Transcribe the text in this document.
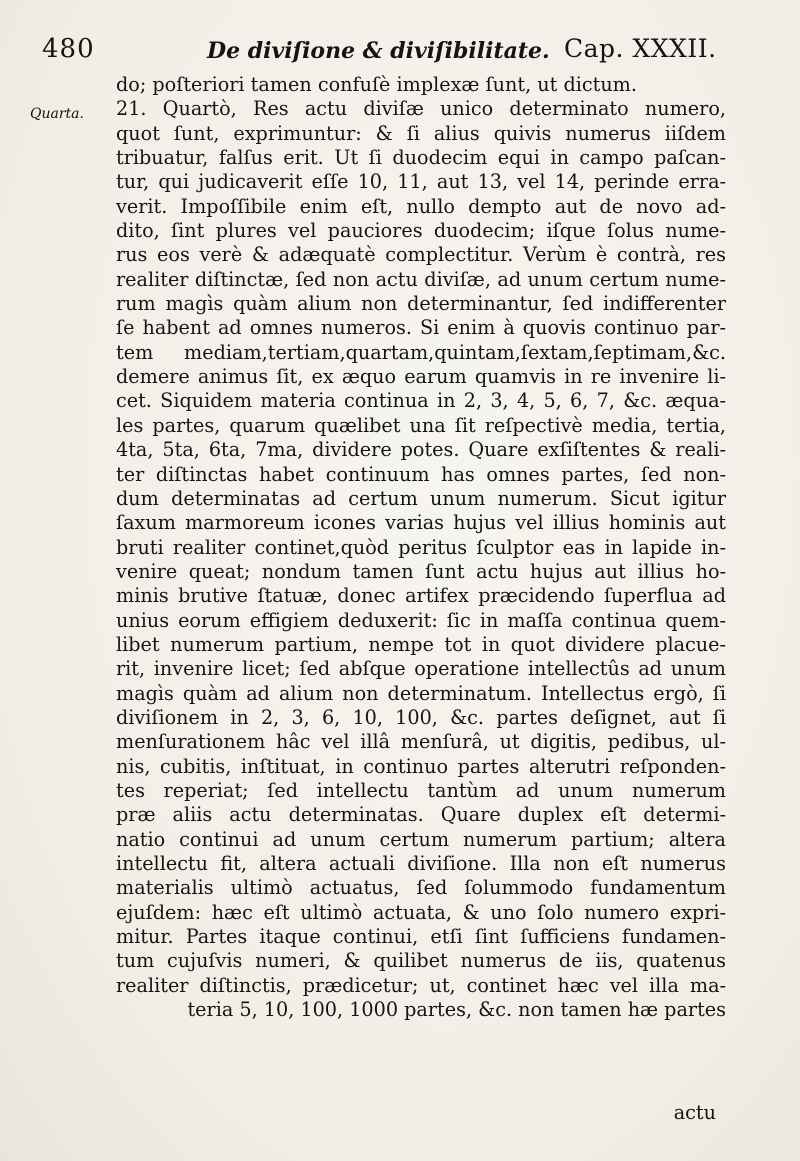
480	De diviſione & diviſibilitate. Cap. XXXII.
Quarta.
do; poſteriori tamen confuſè implexæ ſunt, ut dictum.
21. Quartò, Res actu diviſæ unico determinato numero,
quot ſunt, exprimuntur: & ſi alius quivis numerus iiſdem
tribuatur, falſus erit. Ut ſi duodecim equi in campo paſcan-
tur, qui judicaverit eſſe 10, 11, aut 13, vel 14, perinde erra-
verit. Impoſſibile enim eſt, nullo dempto aut de novo ad-
dito, ſint plures vel pauciores duodecim; iſque ſolus nume-
rus eos verè & adæquatè complectitur. Verùm è contrà, res
realiter diſtinctæ, ſed non actu diviſæ, ad unum certum nume-
rum magìs quàm alium non determinantur, ſed indifferenter
ſe habent ad omnes numeros. Si enim à quovis continuo par-
tem mediam,tertiam,quartam,quintam,ſextam,ſeptimam,&c.
demere animus ſit, ex æquo earum quamvis in re invenire li-
cet. Siquidem materia continua in 2, 3, 4, 5, 6, 7, &c. æqua-
les partes, quarum quælibet una ſit reſpectivè media, tertia,
4ta, 5ta, 6ta, 7ma, dividere potes. Quare exſiſtentes & reali-
ter diſtinctas habet continuum has omnes partes, ſed non-
dum determinatas ad certum unum numerum. Sicut igitur
ſaxum marmoreum icones varias hujus vel illius hominis aut
bruti realiter continet,quòd peritus ſculptor eas in lapide in-
venire queat; nondum tamen ſunt actu hujus aut illius ho-
minis brutive ſtatuæ, donec artifex præcidendo ſuperflua ad
unius eorum effigiem deduxerit: ſic in maſſa continua quem-
libet numerum partium, nempe tot in quot dividere placue-
rit, invenire licet; ſed abſque operatione intellectûs ad unum
magìs quàm ad alium non determinatum. Intellectus ergò, ſi
diviſionem in 2, 3, 6, 10, 100, &c. partes deſignet, aut ſi
menſurationem hâc vel illâ menſurâ, ut digitis, pedibus, ul-
nis, cubitis, inſtituat, in continuo partes alterutri reſponden-
tes reperiat; ſed intellectu tantùm ad unum numerum
præ aliis actu determinatas. Quare duplex eſt determi-
natio continui ad unum certum numerum partium; altera
intellectu fit, altera actuali diviſione. Illa non eſt numerus
materialis ultimò actuatus, ſed ſolummodo fundamentum
ejuſdem: hæc eſt ultimò actuata, & uno ſolo numero expri-
mitur. Partes itaque continui, etſi ſint ſufficiens fundamen-
tum cujuſvis numeri, & quilibet numerus de iis, quatenus
realiter diſtinctis, prædicetur; ut, continet hæc vel illa ma-
teria 5, 10, 100, 1000 partes, &c. non tamen hæ partes
actu
